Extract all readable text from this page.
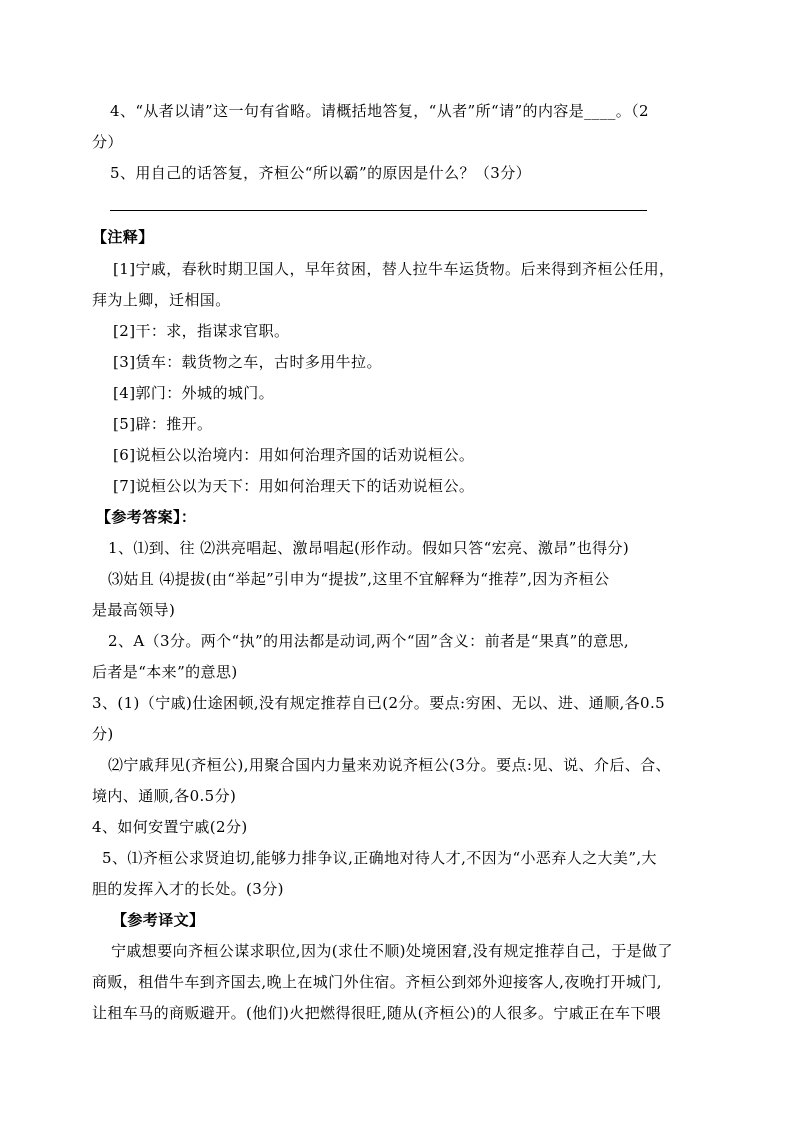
4、“从者以请”这一句有省略。请概括地答复，“从者”所“请”的内容是____。（2
分）
5、用自己的话答复，齐桓公“所以霸”的原因是什么？（3分）
【注释】
[1]宁戚，春秋时期卫国人，早年贫困，替人拉牛车运货物。后来得到齐桓公任用，
拜为上卿，迁相国。
[2]干：求，指谋求官职。
[3]赁车：载货物之车，古时多用牛拉。
[4]郭门：外城的城门。
[5]辟：推开。
[6]说桓公以治境内：用如何治理齐国的话劝说桓公。
[7]说桓公以为天下：用如何治理天下的话劝说桓公。
【参考答案】：
1、⑴到、往 ⑵洪亮唱起、激昂唱起(形作动。假如只答“宏亮、激昂”也得分)
⑶姑且 ⑷提拔(由“举起”引申为“提拔”,这里不宜解释为“推荐”,因为齐桓公
是最高领导)
2、A（3分。两个“执”的用法都是动词,两个“固”含义：前者是“果真”的意思,
后者是“本来”的意思)
3、(1)（宁戚)仕途困顿,没有规定推荐自已(2分。要点:穷困、无以、进、通顺,各0.5
分)
⑵宁戚拜见(齐桓公),用聚合国内力量来劝说齐桓公(3分。要点:见、说、介后、合、
境内、通顺,各0.5分)
4、如何安置宁戚(2分)
5、⑴齐桓公求贤迫切,能够力排争议,正确地对待人才,不因为“小恶弃人之大美”,大
胆的发挥入才的长处。(3分)
【参考译文】
宁戚想要向齐桓公谋求职位,因为(求仕不顺)处境困窘,没有规定推荐自己，于是做了
商贩，租借牛车到齐国去,晚上在城门外住宿。齐桓公到郊外迎接客人,夜晚打开城门,
让租车马的商贩避开。(他们)火把燃得很旺,随从(齐桓公)的人很多。宁戚正在车下喂
